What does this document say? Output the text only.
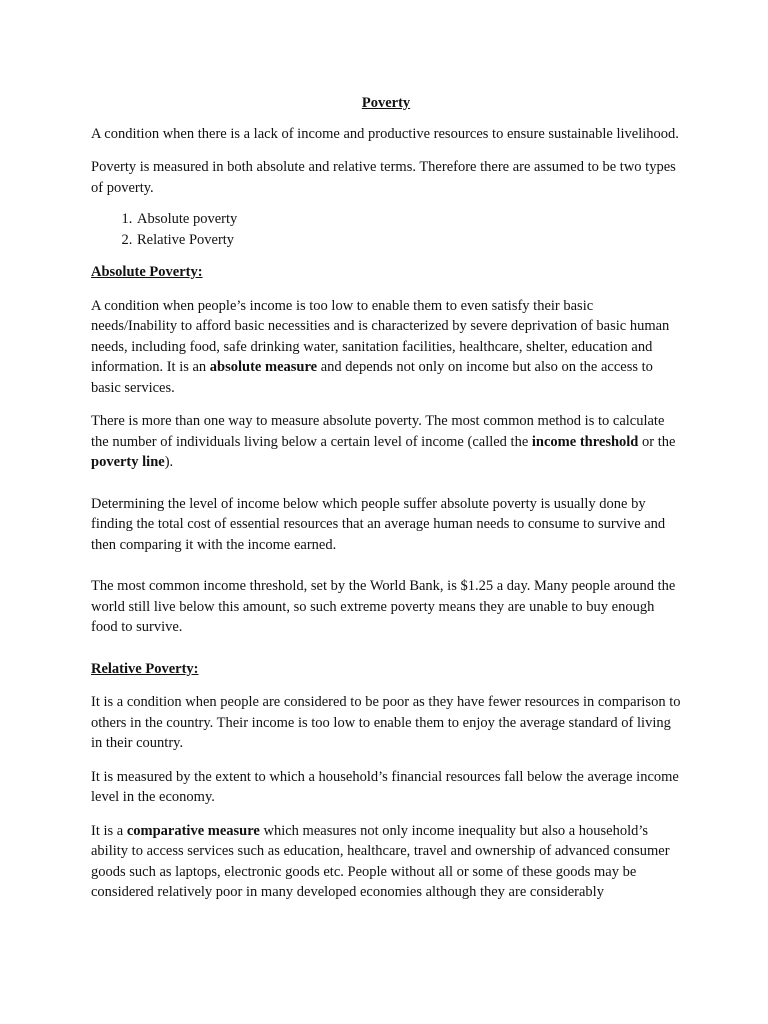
Poverty

A condition when there is a lack of income and productive resources to ensure sustainable livelihood.

Poverty is measured in both absolute and relative terms. Therefore there are assumed to be two types of poverty.

1. Absolute poverty
2. Relative Poverty
Absolute Poverty:

A condition when people’s income is too low to enable them to even satisfy their basic needs/Inability to afford basic necessities and is characterized by severe deprivation of basic human needs, including food, safe drinking water, sanitation facilities, healthcare, shelter, education and information. It is an absolute measure and depends not only on income but also on the access to basic services.

There is more than one way to measure absolute poverty. The most common method is to calculate the number of individuals living below a certain level of income (called the income threshold or the poverty line).

Determining the level of income below which people suffer absolute poverty is usually done by finding the total cost of essential resources that an average human needs to consume to survive and then comparing it with the income earned.

The most common income threshold, set by the World Bank, is $1.25 a day. Many people around the world still live below this amount, so such extreme poverty means they are unable to buy enough food to survive.

Relative Poverty:

It is a condition when people are considered to be poor as they have fewer resources in comparison to others in the country. Their income is too low to enable them to enjoy the average standard of living in their country.

It is measured by the extent to which a household’s financial resources fall below the average income level in the economy.

It is a comparative measure which measures not only income inequality but also a household’s ability to access services such as education, healthcare, travel and ownership of advanced consumer goods such as laptops, electronic goods etc. People without all or some of these goods may be considered relatively poor in many developed economies although they are considerably
